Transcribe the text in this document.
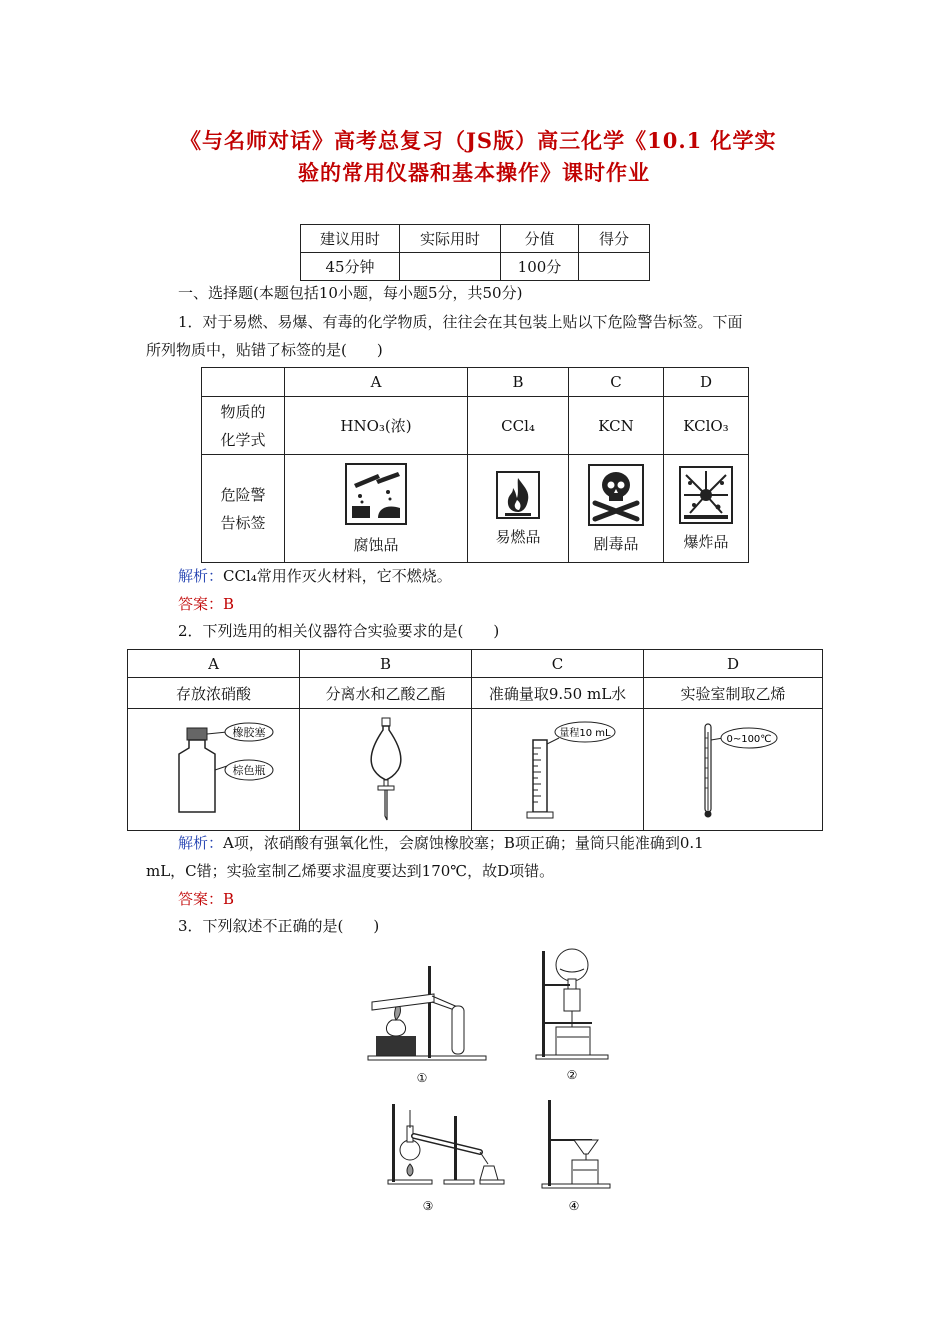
《与名师对话》高考总复习（JS版）高三化学《10.1 化学实
验的常用仪器和基本操作》课时作业
建议用时	实际用时	分值	得分
45分钟		100分	
一、选择题(本题包括10小题，每小题5分，共50分)
1．对于易燃、易爆、有毒的化学物质，往往会在其包装上贴以下危险警告标签。下面
所列物质中，贴错了标签的是(　　)
	A	B	C	D

物质的
化学式	HNO₃(浓)	CCl₄	KCN	KClO₃

危险警
告标签	腐蚀品	易燃品	剧毒品	爆炸品
解析：CCl₄常用作灭火材料，它不燃烧。
答案：B
2．下列选用的相关仪器符合实验要求的是(　　)
A	B	C	D
存放浓硝酸	分离水和乙酸乙酯	准确量取9.50 mL水	实验室制取乙烯

橡胶塞
棕色瓶		量程10 mL	0~100℃
解析：A项，浓硝酸有强氧化性，会腐蚀橡胶塞；B项正确；量筒只能准确到0.1
mL，C错；实验室制乙烯要求温度要达到170℃，故D项错。
答案：B
3．下列叙述不正确的是(　　)
①	②
③	④
